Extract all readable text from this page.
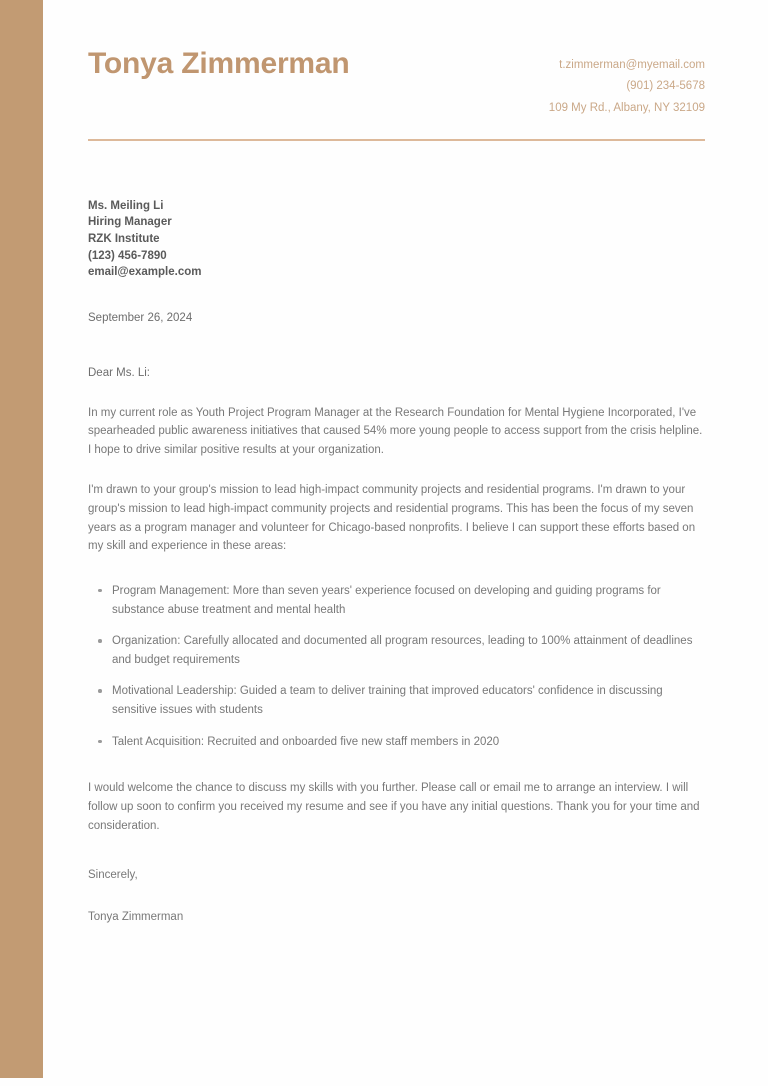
Tonya Zimmerman	t.zimmerman@myemail.com
(901) 234-5678
109 My Rd., Albany, NY 32109
Ms. Meiling Li
Hiring Manager
RZK Institute
(123) 456-7890
email@example.com
September 26, 2024
Dear Ms. Li:

In my current role as Youth Project Program Manager at the Research Foundation for Mental Hygiene Incorporated, I've spearheaded public awareness initiatives that caused 54% more young people to access support from the crisis helpline. I hope to drive similar positive results at your organization.

I'm drawn to your group's mission to lead high-impact community projects and residential programs. I'm drawn to your group's mission to lead high-impact community projects and residential programs. This has been the focus of my seven years as a program manager and volunteer for Chicago-based nonprofits. I believe I can support these efforts based on my skill and experience in these areas:

Program Management: More than seven years' experience focused on developing and guiding programs for substance abuse treatment and mental health
Organization: Carefully allocated and documented all program resources, leading to 100% attainment of deadlines and budget requirements
Motivational Leadership: Guided a team to deliver training that improved educators' confidence in discussing sensitive issues with students
Talent Acquisition: Recruited and onboarded five new staff members in 2020

I would welcome the chance to discuss my skills with you further. Please call or email me to arrange an interview. I will follow up soon to confirm you received my resume and see if you have any initial questions. Thank you for your time and consideration.

Sincerely,
Tonya Zimmerman
